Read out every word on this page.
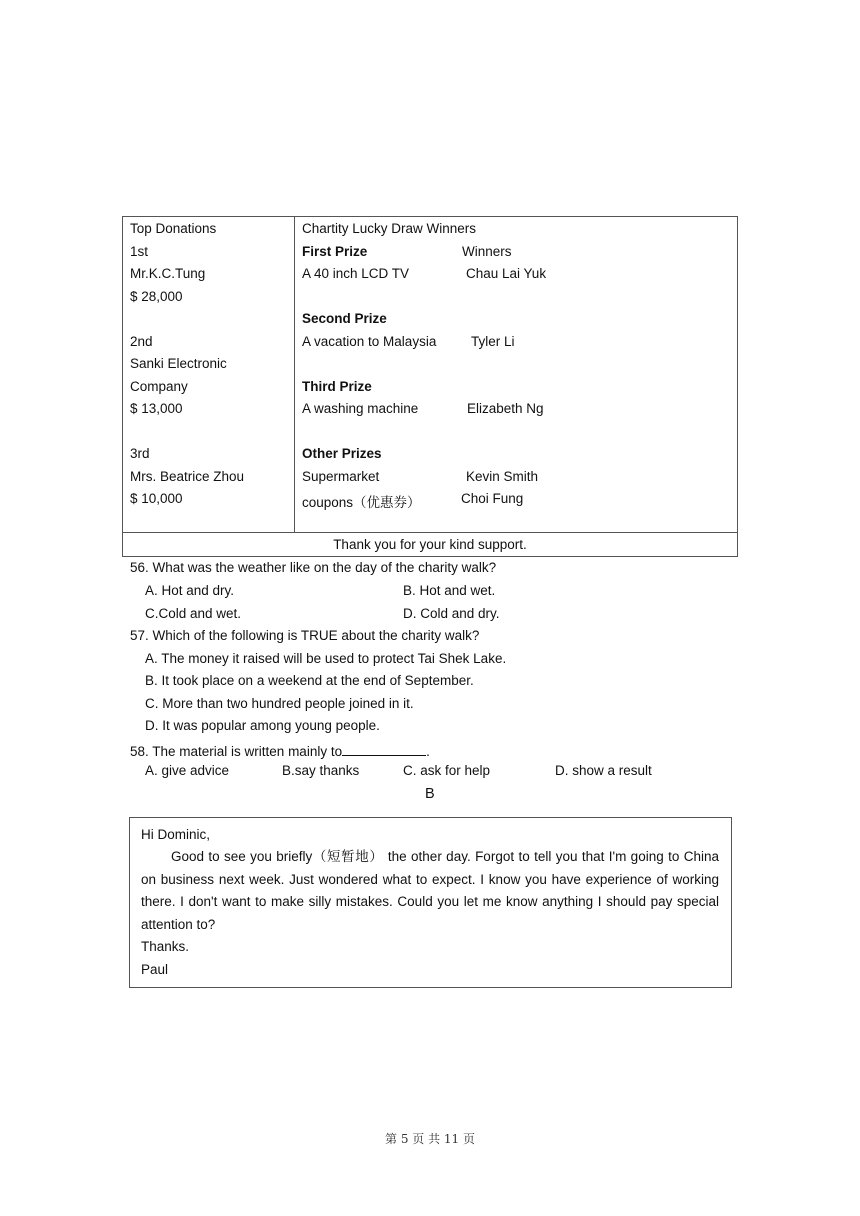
Top Donations
1st
Mr.K.C.Tung
$ 28,000
2nd
Sanki Electronic
Company
$ 13,000
3rd
Mrs. Beatrice Zhou
$ 10,000
Chartity Lucky Draw Winners
First Prize	Winners
A 40 inch LCD TV	Chau Lai Yuk
Second Prize
A vacation to Malaysia	Tyler Li
Third Prize
A washing machine	Elizabeth Ng
Other Prizes
Supermarket	Kevin Smith
coupons（优惠券）	Choi Fung
Thank you for your kind support.
56. What was the weather like on the day of the charity walk?
A. Hot and dry.	B. Hot and wet.
C.Cold and wet.	D. Cold and dry.
57. Which of the following is TRUE about the charity walk?
A. The money it raised will be used to protect Tai Shek Lake.
B. It took place on a weekend at the end of September.
C. More than two hundred people joined in it.
D. It was popular among young people.
58. The material is written mainly to	.
A. give advice	B.say thanks	C. ask for help	D. show a result
B
Hi Dominic,
Good to see you briefly（短暂地） the other day. Forgot to tell you that I'm going to China on business next week. Just wondered what to expect. I know you have experience of working there. I don't want to make silly mistakes. Could you let me know anything I should pay special attention to?
Thanks.
Paul
第 5 页 共 11 页
